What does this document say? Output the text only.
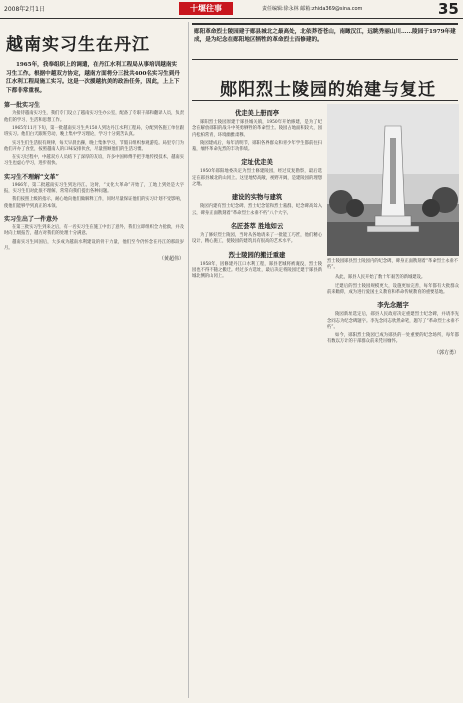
2008年2月1日	十堰往事	责任编辑:徐永林 邮箱:zhida369@sina.com	35
越南实习生在丹江
1965年，我奉组织上的调遣，在丹江水利工程局从事培训越南实习生工作。根据中越双方协定，越南方面将分三批共400名实习生到丹江水利工程局施工实习。这是一次援越抗美的政治任务，因此，上上下下都非常重视。
第一批实习生
为接待越南实习生，我们专门设立了越南实习生办公室，配备了专职干部和翻译人员，负责他们的学习、生活和思想工作。
1965年11月下旬，第一批越南实习生共150人到达丹江水利工程局，分配到各施工单位跟班实习。他们白天跟班劳动，晚上集中学习理论，学习十分刻苦认真。
实习生们生活很有规律，每天早晨出操，晚上集体学习，节假日组织参观游览。局里专门为他们开办了食堂，按照越南人的口味安排伙食，尽量照顾他们的生活习惯。
在实习过程中，中越双方人员结下了深厚的友谊，许多中国师傅手把手地传授技术，越南实习生也虚心学习，进步很快。
实习生不理解“文革”
1966年，第二批越南实习生到达丹江。这时，“文化大革命”开始了，工地上到处是大字报，实习生们对此很不理解，常常向我们提出各种问题。
我们按照上级的指示，耐心地向他们做解释工作，同时尽量保证他们的实习计划不受影响，使他们能够学到真正的本领。
实习生出了一件意外
在第三批实习生到来之后，有一名实习生在施工中出了意外，我们立即组织全力抢救，并及时向上级报告，越方对我们的处理十分满意。
越南实习生回国后，大多成为越南水利建设的骨干力量，他们至今仍怀念在丹江的那段岁月。
（黄超伟）
郧阳革命烈士陵园建于郧县城北之最高处，北依莽苍苍山，南瞰汉江，远眺秀丽山川……陵园于1979年建成，是为纪念在郧阳地区牺牲的革命烈士而修建的。
郧阳烈士陵园的始建与复迁
优走美上册而亭
郧阳烈士陵园原建于郧县城关镇，1950年开始修建，是为了纪念在解放郧阳的战斗中英勇牺牲的革命烈士。陵园占地面积较大，园内松柏常青，环境幽雅肃穆。
陵园建成后，每年清明节，郧阳各界群众和青少年学生都前往扫墓，缅怀革命先烈的丰功伟绩。
定址优走美
1950年郧阳地委决定为烈士修建陵园，经过反复勘察，最后选定在郧县城北的山冈上。这里地势高敞，视野开阔，是建陵园的理想之地。
建设的实物与建筑
陵园内建有烈士纪念碑、烈士纪念馆和烈士墓群，纪念碑高耸入云，碑身正面镌刻着“革命烈士永垂不朽”八个大字。
名匠荟萃 胜地如云
为了修好烈士陵园，当时从各地请来了一批能工巧匠，他们精心设计，精心施工，使陵园的建筑具有很高的艺术水平。
烈士陵园的搬迁重建
1958年，因修建丹江口水利工程，郧县老城将被淹没，烈士陵园也不得不随之搬迁。经过多方选址，最后决定将陵园迁建于郧县新城北侧的山冈上。
烈士陵园郧县烈士陵园内的纪念碑，碑身正面镌刻着“革命烈士永垂不朽”。
从此，郧县人民开始了数十年艰苦的新城建设。
迁建后的烈士陵园规模更大，设施更加完善，每年都有大批群众前来瞻仰，成为进行爱国主义教育和革命传统教育的重要基地。
李先念题字
陵园新址选定后，郧县人民政府决定重建烈士纪念碑，并请李先念同志为纪念碑题字。李先念同志欣然命笔，题写了“革命烈士永垂不朽”。
如今，郧阳烈士陵园已成为郧县的一处重要的纪念场所，每年都有数以万计的干部群众前来凭吊缅怀。
（郭方勇）
